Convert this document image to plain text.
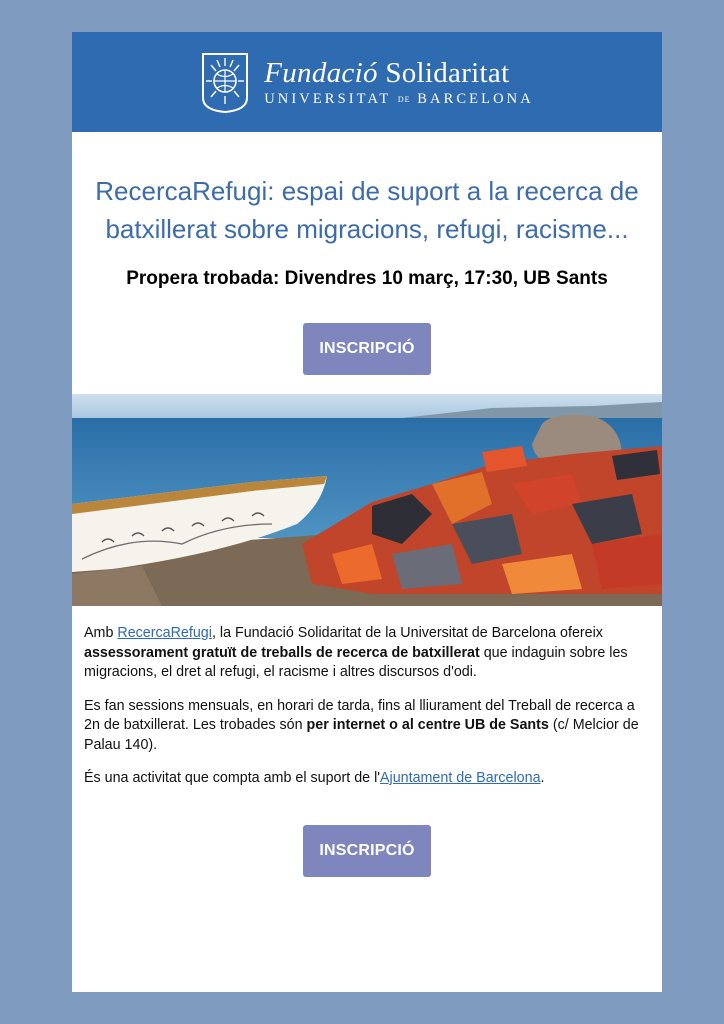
Fundació Solidaritat
UNIVERSITAT DE BARCELONA
RecercaRefugi: espai de suport a la recerca de batxillerat sobre migracions, refugi, racisme...
Propera trobada: Divendres 10 març, 17:30, UB Sants
INSCRIPCIÓ

Amb RecercaRefugi, la Fundació Solidaritat de la Universitat de Barcelona ofereix assessorament gratuït de treballs de recerca de batxillerat que indaguin sobre les migracions, el dret al refugi, el racisme i altres discursos d'odi.

Es fan sessions mensuals, en horari de tarda, fins al lliurament del Treball de recerca a 2n de batxillerat. Les trobades són per internet o al centre UB de Sants (c/ Melcior de Palau 140).

És una activitat que compta amb el suport de l'Ajuntament de Barcelona.

INSCRIPCIÓ
